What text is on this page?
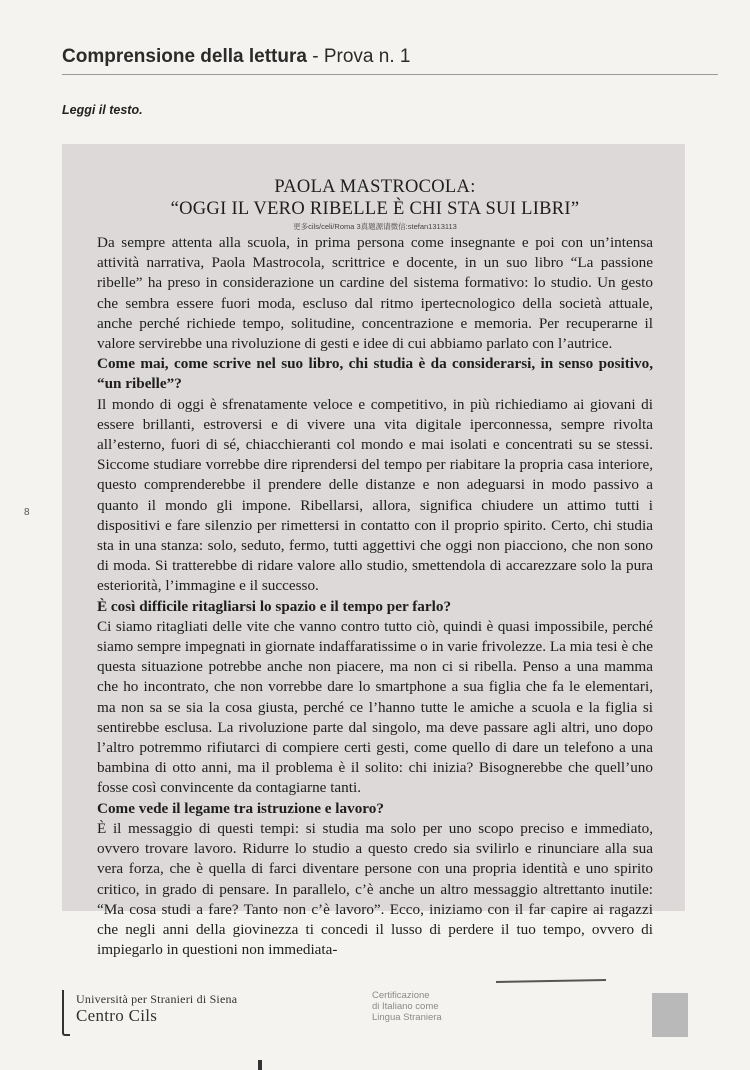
Comprensione della lettura - Prova n. 1
Leggi il testo.
8

PAOLA MASTROCOLA:

“OGGI IL VERO RIBELLE È CHI STA SUI LIBRI”

更多cils/celi/Roma 3真题源请微信:stefan1313113

Da sempre attenta alla scuola, in prima persona come insegnante e poi con un’intensa attività narrativa, Paola Mastrocola, scrittrice e docente, in un suo libro “La passione ribelle” ha preso in considerazione un cardine del sistema formativo: lo studio. Un gesto che sembra essere fuori moda, escluso dal ritmo ipertecnologico della società attuale, anche perché richiede tempo, solitudine, concentrazione e memoria. Per recuperarne il valore servirebbe una rivoluzione di gesti e idee di cui abbiamo parlato con l’autrice.

Come mai, come scrive nel suo libro, chi studia è da considerarsi, in senso positivo, “un ribelle”?

Il mondo di oggi è sfrenatamente veloce e competitivo, in più richiediamo ai giovani di essere brillanti, estroversi e di vivere una vita digitale iperconnessa, sempre rivolta all’esterno, fuori di sé, chiacchieranti col mondo e mai isolati e concentrati su se stessi. Siccome studiare vorrebbe dire riprendersi del tempo per riabitare la propria casa interiore, questo comprenderebbe il prendere delle distanze e non adeguarsi in modo passivo a quanto il mondo gli impone. Ribellarsi, allora, significa chiudere un attimo tutti i dispositivi e fare silenzio per rimettersi in contatto con il proprio spirito. Certo, chi studia sta in una stanza: solo, seduto, fermo, tutti aggettivi che oggi non piacciono, che non sono di moda. Si tratterebbe di ridare valore allo studio, smettendola di accarezzare solo la pura esteriorità, l’immagine e il successo.

È così difficile ritagliarsi lo spazio e il tempo per farlo?

Ci siamo ritagliati delle vite che vanno contro tutto ciò, quindi è quasi impossibile, perché siamo sempre impegnati in giornate indaffaratissime o in varie frivolezze. La mia tesi è che questa situazione potrebbe anche non piacere, ma non ci si ribella. Penso a una mamma che ho incontrato, che non vorrebbe dare lo smartphone a sua figlia che fa le elementari, ma non sa se sia la cosa giusta, perché ce l’hanno tutte le amiche a scuola e la figlia si sentirebbe esclusa. La rivoluzione parte dal singolo, ma deve passare agli altri, uno dopo l’altro potremmo rifiutarci di compiere certi gesti, come quello di dare un telefono a una bambina di otto anni, ma il problema è il solito: chi inizia? Bisognerebbe che quell’uno fosse così convincente da contagiarne tanti.

Come vede il legame tra istruzione e lavoro?

È il messaggio di questi tempi: si studia ma solo per uno scopo preciso e immediato, ovvero trovare lavoro. Ridurre lo studio a questo credo sia svilirlo e rinunciare alla sua vera forza, che è quella di farci diventare persone con una propria identità e uno spirito critico, in grado di pensare. In parallelo, c’è anche un altro messaggio altrettanto inutile: “Ma cosa studi a fare? Tanto non c’è lavoro”. Ecco, iniziamo con il far capire ai ragazzi che negli anni della giovinezza ti concedi il lusso di perdere il tuo tempo, ovvero di impiegarlo in questioni non immediata-

Università per Stranieri di Siena
Centro Cils
Certificazione
di Italiano come
Lingua Straniera
